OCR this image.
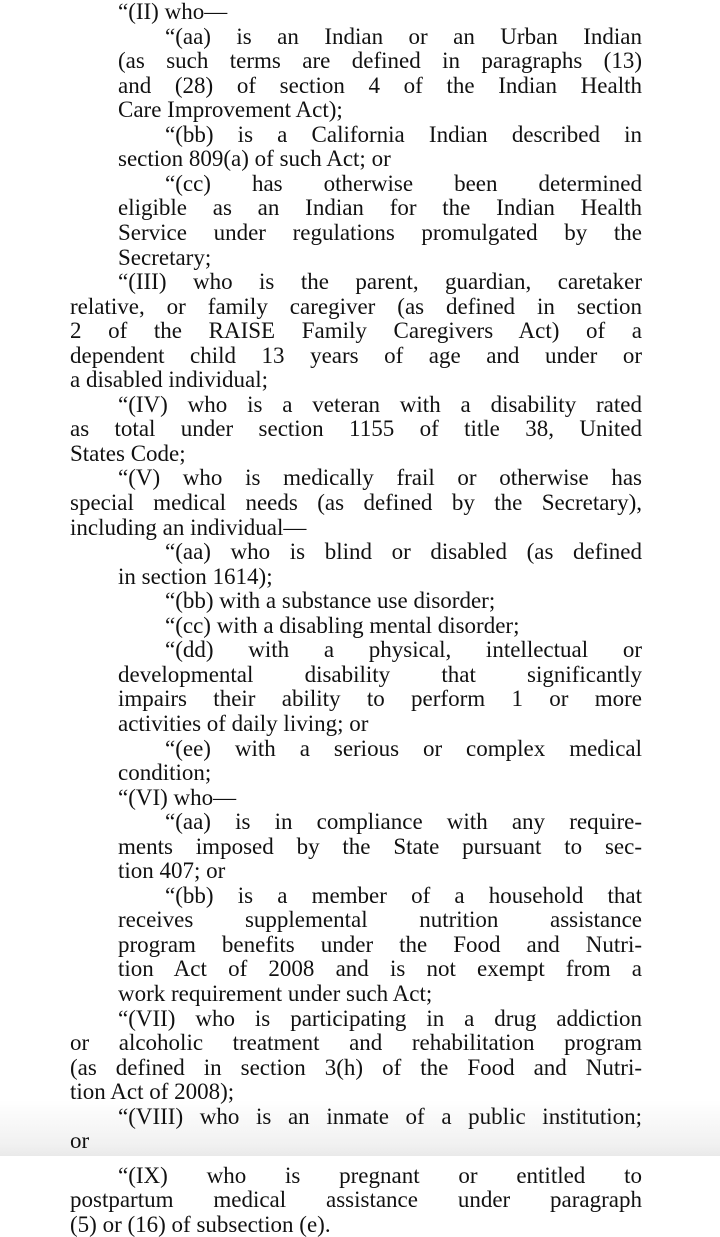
“(II) who—
“(aa) is an Indian or an Urban Indian
(as such terms are defined in paragraphs (13)
and (28) of section 4 of the Indian Health
Care Improvement Act);
“(bb) is a California Indian described in
section 809(a) of such Act; or
“(cc) has otherwise been determined
eligible as an Indian for the Indian Health
Service under regulations promulgated by the
Secretary;
“(III) who is the parent, guardian, caretaker
relative, or family caregiver (as defined in section
2 of the RAISE Family Caregivers Act) of a
dependent child 13 years of age and under or
a disabled individual;
“(IV) who is a veteran with a disability rated
as total under section 1155 of title 38, United
States Code;
“(V) who is medically frail or otherwise has
special medical needs (as defined by the Secretary),
including an individual—
“(aa) who is blind or disabled (as defined
in section 1614);
“(bb) with a substance use disorder;
“(cc) with a disabling mental disorder;
“(dd) with a physical, intellectual or
developmental disability that significantly
impairs their ability to perform 1 or more
activities of daily living; or
“(ee) with a serious or complex medical
condition;
“(VI) who—
“(aa) is in compliance with any require-
ments imposed by the State pursuant to sec-
tion 407; or
“(bb) is a member of a household that
receives supplemental nutrition assistance
program benefits under the Food and Nutri-
tion Act of 2008 and is not exempt from a
work requirement under such Act;
“(VII) who is participating in a drug addiction
or alcoholic treatment and rehabilitation program
(as defined in section 3(h) of the Food and Nutri-
tion Act of 2008);
“(VIII) who is an inmate of a public institution;
or
“(IX) who is pregnant or entitled to
postpartum medical assistance under paragraph
(5) or (16) of subsection (e).
